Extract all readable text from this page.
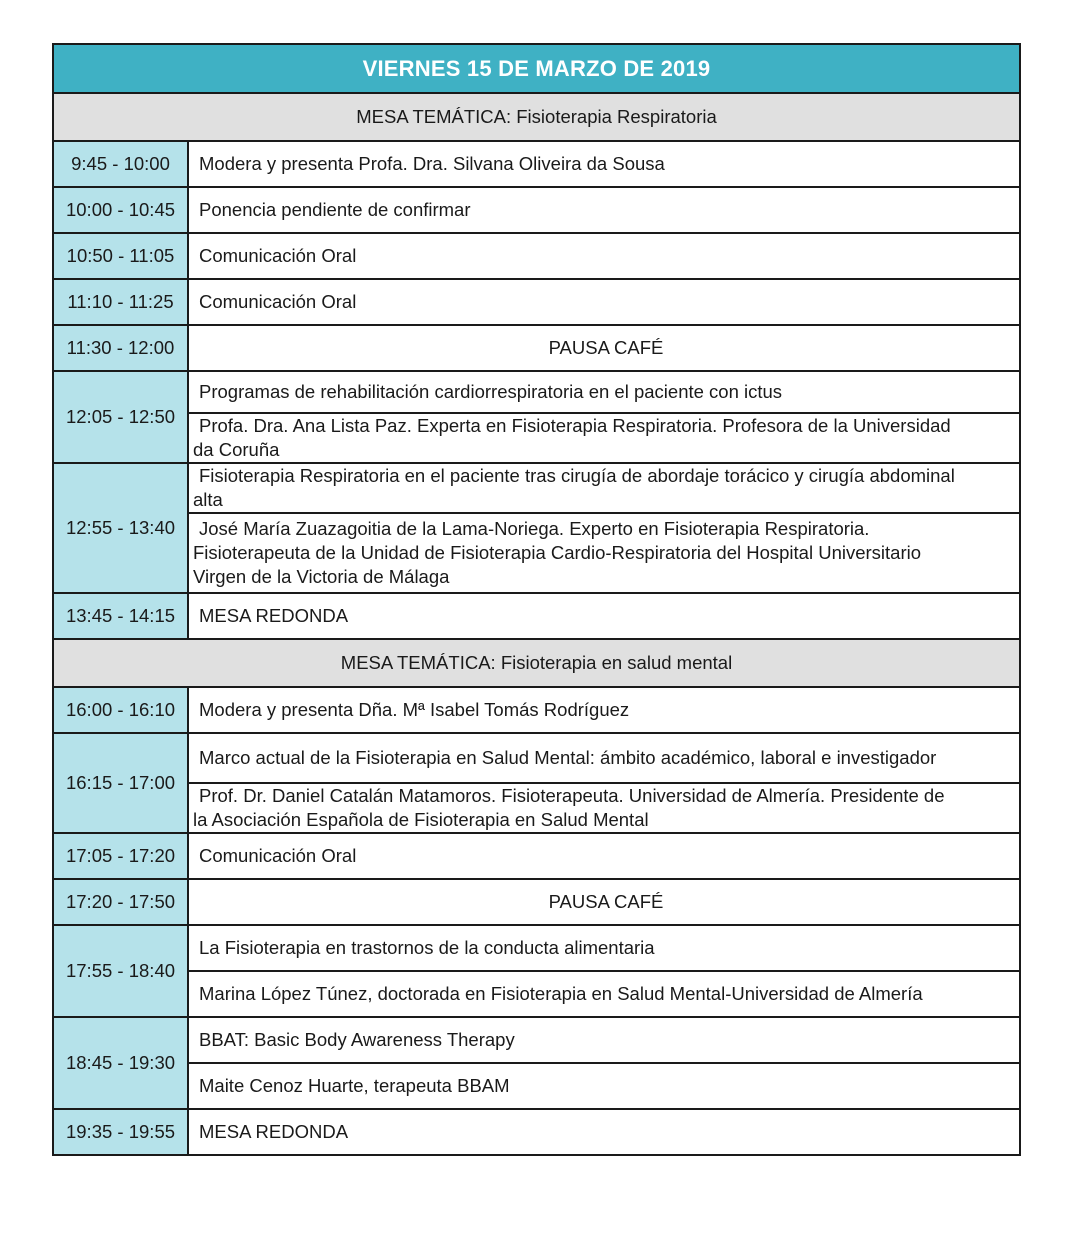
VIERNES 15 DE MARZO DE 2019	
MESA TEMÁTICA: Fisioterapia Respiratoria	
9:45 - 10:00	Modera y presenta Profa. Dra. Silvana Oliveira da Sousa
10:00 - 10:45	Ponencia pendiente de confirmar
10:50 - 11:05	Comunicación Oral
11:10 - 11:25	Comunicación Oral
11:30 - 12:00	PAUSA CAFÉ
12:05 - 12:50	Programas de rehabilitación cardiorrespiratoria en el paciente con ictus

	Profa. Dra. Ana Lista Paz. Experta en Fisioterapia Respiratoria. Profesora de la Universidad
da Coruña

12:55 - 13:40	Fisioterapia Respiratoria en el paciente tras cirugía de abordaje torácico y cirugía abdominal
alta

	José María Zuazagoitia de la Lama-Noriega. Experto en Fisioterapia Respiratoria.
Fisioterapeuta de la Unidad de Fisioterapia Cardio-Respiratoria del Hospital Universitario
Virgen de la Victoria de Málaga

13:45 - 14:15	MESA REDONDA
MESA TEMÁTICA: Fisioterapia en salud mental	
16:00 - 16:10	Modera y presenta Dña. Mª Isabel Tomás Rodríguez
16:15 - 17:00	Marco actual de la Fisioterapia en Salud Mental: ámbito académico, laboral e investigador

	Prof. Dr. Daniel Catalán Matamoros. Fisioterapeuta. Universidad de Almería. Presidente de
la Asociación Española de Fisioterapia en Salud Mental

17:05 - 17:20	Comunicación Oral
17:20 - 17:50	PAUSA CAFÉ
17:55 - 18:40	La Fisioterapia en trastornos de la conducta alimentaria
	Marina López Túnez, doctorada en Fisioterapia en Salud Mental-Universidad de Almería
18:45 - 19:30	BBAT: Basic Body Awareness Therapy
	Maite Cenoz Huarte, terapeuta BBAM
19:35 - 19:55	MESA REDONDA
